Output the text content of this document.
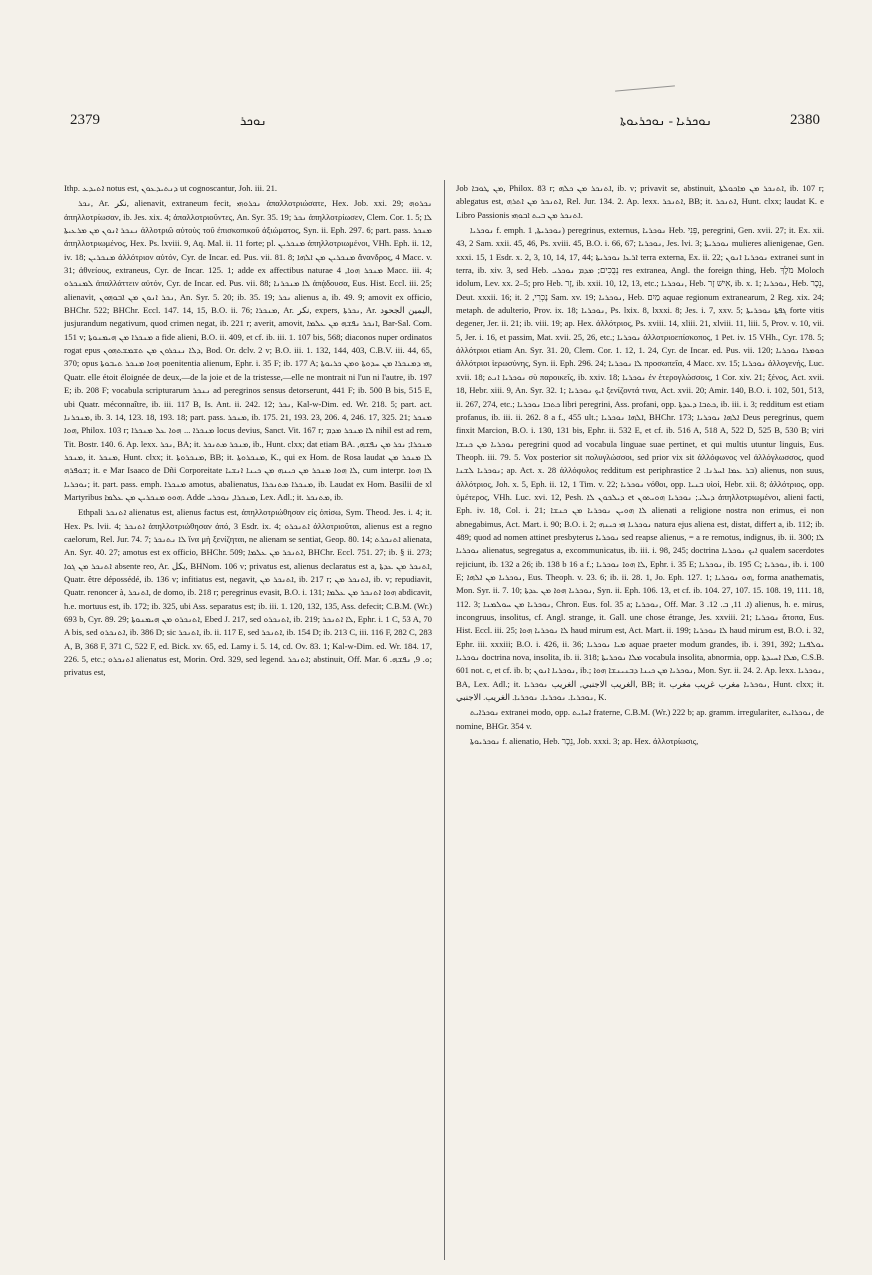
2379	ܢܘܟܪ	ܢܘܟܪܝܐ - ܢܘܟܪܝܘܬܐ	2380

Ithp. ܐܬܝܕܥ notus est, ܕܢܬܝܕܥܘܢ ut cognoscantur, Joh. iii. 21.

ܢܟܪ, Ar. نكر, alienavit, extraneum fecit, ܢܟܪܘܗܝ ἀπαλλοτριώσατε, Hex. Job. xxi. 29; ܢܟܪܘܗ ἀπηλλοτρίωσαν, ib. Jes. xix. 4; ἀπαλλοτριοῦντες, An. Syr. 35. 19; ܢܟܪ ἀπηλλοτρίωσεν, Clem. Cor. 1. 5; ܠܐ ܢܢܟܪ ܐܢܘܢ ܡܢ ܡܪܥܝܬܐ ἀλλοτριῶ αὐτοὺς τοῦ ἐπισκοπικοῦ ἀξιώματος, Syn. ii. Eph. 297. 6; part. pass. ܡܢܟܪ ἀπηλλοτριωμένος, Hex. Ps. lxviii. 9, Aq. Mal. ii. 11 forte; pl. ܡܢܟܪܝܢ ἀπηλλοτριωμένοι, VHh. Eph. ii. 12, iv. 18; ܡܢܟܪܝܢ ἀλλότριον αὐτόν, Cyr. de Incar. ed. Pus. vii. 81. 8; ܡܢܟܪܝܢ ܡܢ ܐܠܗܐ ἄνανδρος, 4 Macc. v. 31; ἀθνείους, extraneus, Cyr. de Incar. 125. 1; adde ex affectibus naturae ܡܢܟܪ ܗܘܐ, 4 Macc. iii. 4; ܠܡܢܟܪܘ ἀπαλλάττειν αὐτόν, Cyr. de Incar. ed. Pus. vii. 88; ܠܐ ܡܢܟܪܢܐ ἀπᾴδουσα, Eus. Hist. Eccl. iii. 25; alienavit, ܢܟܪ ܐܢܘܢ ܡܢ ܐܒܘܗܘܢ, An. Syr. 5. 20; ib. 35. 19; ܢܟܪ alienus a, ib. 49. 9; amovit ex officio, BHChr. 522; BHChr. Eccl. 147. 14, 15, B.O. ii. 76; ܡܢܟܪܐ, Ar. نكر, expers, ܢܟܪܬܐ, Ar. اليمين الجحود, jusjurandum negativum, quod crimen negat, ib. 221 r; averit, amovit, ܐܢܟܪ ܢܦܫܗ ܡܢ ܥܠܡܐ, Bar-Sal. Com. 151 v; ܡܢܟܪܐ ܡܢ ܗܝܡܢܘܬܐ a fide alieni, B.O. ii. 409, et cf. ib. iii. 1. 107 bis, 568; diaconos nuper ordinatos rogat epus ܕܠܐ ܢܢܟܪܘܢ ܡܢ ܬܫܡܫܬܗܘܢ, Bod. Or. dclv. 2 v; B.O. iii. 1. 132, 144, 403, C.B.V. iii. 44, 65, 370; opus ܗܘܐ ܡܢܟܪ ܬܝܒܘܬܐ poenitentia alienum, Ephr. i. 35 F; ib. 177 A; ܗܝ ܕܡܢܟܪܐ ܡܢ ܚܕܘܬܐ ܘܡܢ ܟܪܝܘܬܐ, Quatr. elle étoit éloignée de deux,—de la joie et de la tristesse,—elle ne montrait ni l'un ni l'autre, ib. 197 E; ib. 208 F; vocabula scripturarum ܢܢܟܪ ad peregrinos sensus detorserunt, 441 F; ib. 500 B bis, 515 E, ubi Quatr. méconnaître, ib. iii. 117 B, Is. Ant. ii. 242. 12; ܢܟܪ, Kal-w-Dim. ed. Wr. 218. 5; part. act. ܡܢܟܪܢܐ, ib. 3. 14, 123. 18, 193. 18; part. pass. ܡܢܟܪ, ib. 175. 21, 193. 23, 206. 4, 246. 17, 325. 21; ܡܢܟܪ ܗܘܐ, Philox. 103 r; ܡܢܟܪܐ ... ܗܘܐ ܥܠ ܡܢܟܪܐ locus devius, Sanct. Vit. 167 r; ܠܐ ܡܢܟܪ ܡܕܡ nihil est ad rem, Tit. Bostr. 140. 6. Ap. lexx. ܢܟܪ, BA; it. ܡܢܟܪ ܡܬܢܟܪ, ib., Hunt. clxx; dat etiam BA. ܡܢܟܪܐ; ܢܟܪ ܡܢ ܢܦܫܗ, ܡܢܟܪ, it. ܡܢܟܪ, Hunt. clxx; it. ܡܢܟܪܘܬܐ, BB; it. ܡܢܟܪܘܬܐ, K., qui ex Hom. de Rosa laudat ܠܐ ܡܢܟܪ ܡܢ ܫܘܦܪܗ; it. e Mar Isaaco de Dñi Corporeitate ܠܐ ܗܘܐ ܡܢܟܪ ܡܢ ܟܝܢܗ ܡܢ ܟܝܢܐ ܐܢܫܝܐ, cum interpr. ܠܐ ܗܘܐ ܢܘܟܪܝܐ; it. part. pass. emph. ܡܢܟܪܐ amotus, abalienatus, ܡܢܟܪܐ ܡܬܢܟܪܐ, ib. Laudat ex Hom. Basilii de xl Martyribus ܗܘܘ ܡܢܟܪܝܢ ܡܢ ܥܠܡܐ. Adde ܡܢܟܪܐ, ܢܘܟܪܝ, Lex. Adl.; it. ܡܬܢܟܪ, ib.

Ethpali ܐܬܢܟܪ alienatus est, alienus factus est, ἀπηλλοτριώθησαν εἰς ὀπίσω, Sym. Theod. Jes. i. 4; it. Hex. Ps. lvii. 4; ܐܬܢܟܪ ἀπηλλοτριώθησαν ἀπό, 3 Esdr. ix. 4; ܐܬܢܟܪܘ ἀλλοτριοῦται, alienus est a regno caelorum, Rel. Jur. 74. 7; ܠܐ ܢܬܢܟܪ ἵνα μὴ ξενίζηται, ne alienam se sentiat, Geop. 80. 14; ܐܬܢܟܪܬ alienata, An. Syr. 40. 27; amotus est ex officio, BHChr. 509; ܐܬܢܟܪ ܡܢ ܥܠܡܐ, BHChr. Eccl. 751. 27; ib. § ii. 273; ܐܬܢܟܪ ܡܢ ܓܘܐ absente reo, Ar. بكل, BHNom. 106 v; privatus est, alienus declaratus est a, ܐܬܢܟܪ ܡܢ ܥܕܬܐ, Quatr. être dépossédé, ib. 136 v; infitiatus est, negavit, ܐܬܢܟܪ ܡܢ, ib. 217 r; ܐܬܢܟܪ ܡܢ, ib. v; repudiavit, Quatr. renoncer à, ܐܬܢܟܪ, de domo, ib. 218 r; peregrinus evasit, B.O. i. 131; ܗܘܐ ܐܬܢܟܪ ܡܢ ܥܠܡܐ abdicavit, h.e. mortuus est, ib. 172; ib. 325, ubi Ass. separatus est; ib. iii. 1. 120, 132, 135, Ass. defecit; C.B.M. (Wr.) 693 b, Cyr. 89. 29; ܐܬܢܟܪܘ ܡܢ ܗܝܡܢܘܬܐ, Ebed J. 217, sed ܐܬܢܟܪܘ, ib. 219; ܠܐ ܐܬܢܟܪ, Ephr. i. 1 C, 53 A, 70 A bis, sed ܐܬܢܟܪܘ, ib. 386 D; sic ܐܬܢܟܪ, ib. ii. 117 E, sed ܐܬܢܟܪ, ib. 154 D; ib. 213 C, iii. 116 F, 282 C, 283 A, B, 368 F, 371 C, 522 F, ed. Bick. xv. 65, ed. Lamy i. 5. 14, cd. Ov. 83. 1; Kal-w-Dim. ed. Wr. 184. 17, 226. 5, etc.; ܐܬܢܟܪܘ alienatus est, Morin. Ord. 329, sed legend. ܐܬܢܟܪ; abstinuit, Off. Mar. ܘ. 9, ܢܦܫܗ. 6; privatus est,

Job ܡܢ ܛܘܒܐ, Philox. 83 r; ܐܬܢܟܪ ܡܢ ܟܠܗ, ib. v; privavit se, abstinuit, ܐܬܢܟܪ ܡܢ ܡܐܟܘܠܬܐ, ib. 107 r; ablegatus est, ܐܬܢܟܪ ܡܢ ܐܬܪܗ, Rel. Jur. 134. 2. Ap. lexx. ܐܬܢܟܪ, BB; it. ܐܬܢܟܪ, Hunt. clxx; laudat K. e Libro Passionis ܐܬܢܟܪ ܡܢ ܒܝܬ ܐܒܘܗܝ.

ܢܘܟܪܝܐ f. emph. ܢܘܟܪܝܬܐ, 1) peregrinus, externus, ܢܘܟܪܝܐ Heb. פְּנִי, peregrini, Gen. xvii. 27; it. Ex. xii. 43, 2 Sam. xxii. 45, 46, Ps. xviii. 45, B.O. i. 66, 67; ܢܘܟܪܝܐ, Jes. lvi. 3; ܢܘܟܪܝܬܐ mulieres alienigenae, Gen. xxxi. 15, 1 Esdr. x. 2, 3, 10, 14, 17, 44; ܐܪܥܐ ܢܘܟܪܝܬܐ terra externa, Ex. ii. 22; ܢܘܟܪܝܐ ܐܢܘܢ extranei sunt in terra, ib. xiv. 3, sed Heb. נְבֻכִים; ܡܕܡ ܢܘܟܪܝ res extranea, Angl. the foreign thing, Heb. מֹלֶךְ Moloch idolum, Lev. xx. 2–5; pro Heb. זָר, ib. xxii. 10, 12, 13, etc.; ܢܘܟܪܝܐ, Heb. אִישׁ זָר, ib. x. 1; ܢܘܟܪܝܐ, Heb. נֵכָר, Deut. xxxii. 16; it. נָכְרִי, 2 Sam. xv. 19; ܢܘܟܪܝܐ, Heb. מַיִם aquae regionum extranearum, 2 Reg. xix. 24; metaph. de adulterio, Prov. ix. 18; ܢܘܟܪܝܐ, Ps. lxix. 8, lxxxi. 8; Jes. i. 7, xxv. 5; ܓܦܬܐ ܢܘܟܪܝܬܐ forte vitis degener, Jer. ii. 21; ib. viii. 19; ap. Hex. ἀλλότριος, Ps. xviii. 14, xliii. 21, xlviii. 11, liii. 5, Prov. v. 10, vii. 5, Jer. i. 16, et passim, Mat. xvii. 25, 26, etc.; ܢܘܟܪܝܐ ἀλλοτριοεπίσκοπος, 1 Pet. iv. 15 VHh., Cyr. 178. 5; ἀλλότριοι etiam An. Syr. 31. 20, Clem. Cor. 1. 12, 1. 24, Cyr. de Incar. ed. Pus. vii. 120; ܟܘܡܪܐ ܢܘܟܪܝܐ ἀλλότριοι ἱερωσύνης, Syn. ii. Eph. 296. 24; ܠܐ ܢܘܟܪܝܐ προσωπεῖα, 4 Macc. xv. 15; ܢܘܟܪܝܐ ἀλλογενής, Luc. xvii. 18; ܢܘܟܪܝܐ ܐܢܬ σὺ παροικεῖς, ib. xxiv. 18; ܢܘܟܪܝܐ ἐν ἑτερογλώσσοις, 1 Cor. xiv. 21; ξένος, Act. xvii. 18, Hebr. xiii. 9, An. Syr. 32. 1; ܐܝܟ ܢܘܟܪܝܐ ξενίζοντά τινα, Act. xvii. 20; Amir. 140, B.O. i. 102, 501, 513, ii. 267, 274, etc.; ܟܬܒܐ ܢܘܟܪܝܐ libri peregrini, Ass. profani, opp. ܟܬܒܐ ܕܥܕܬܐ, ib. iii. i. 3; redditum est etiam profanus, ib. iii. ii. 262. 8 a f., 455 ult.; ܐܠܗܐ ܢܘܟܪܝܐ, BHChr. 173; ܐܠܗܐ ܢܘܟܪܝܐ Deus peregrinus, quem finxit Marcion, B.O. i. 130, 131 bis, Ephr. ii. 532 E, et cf. ib. 516 A, 518 A, 522 D, 525 B, 530 B; viri ܢܘܟܪܝܐ ܡܢ ܟܢܫܐ peregrini quod ad vocabula linguae suae pertinet, et qui multis utuntur linguis, Eus. Theoph. iii. 79. 5. Vox posterior sit πολυγλώσσοι, sed prior vix sit ἀλλόφωνος vel ἀλλόγλωσσος, quod ܢܘܟܪܝܐ ܠܫܢܐ; ap. Act. x. 28 ἀλλόφυλος redditum est periphrastice ܒܪ ܥܡܐ ܐܚܪܢܐ. 2) alienus, non suus, ἀλλότριος, Joh. x. 5, Eph. ii. 12, 1 Tim. v. 22; ܢܘܟܪܝܐ νόθοι, opp. ܒܢܝܐ υἱοί, Hebr. xii. 8; ἀλλότριος, opp. ὑμέτερος, VHh. Luc. xvi. 12, Pesh. ܕܝܠܟܘܢ ܠܐ et ܕܝܠܝ; ܢܘܟܪܝܐ ܗܘܝܬܘܢ ἀπηλλοτριωμένοι, alieni facti, Eph. iv. 18, Col. i. 21; ܠܐ ܗܘܝܢ ܢܘܟܪܝܐ ܡܢ ܟܢܫܐ alienati a religione nostra non erimus, ei non abnegabimus, Act. Mart. i. 90; B.O. i. 2; ܢܘܟܪܝܐ ܗܝ ܟܝܢܗ natura ejus aliena est, distat, differt a, ib. 112; ib. 489; quod ad nomen attinet presbyterus ܢܘܟܪܝܐ sed reapse alienus, = a re remotus, indignus, ib. ii. 300; ܠܐ ܢܘܟܪܝܐ alienatus, segregatus a, excommunicatus, ib. iii. i. 98, 245; doctrina ܐܝܟ ܢܘܟܪܝܐ qualem sacerdotes rejiciunt, ib. 132 a 26; ib. 138 b 16 a f.; ܠܐ ܗܘܐ ܢܘܟܪܝܐ, Ephr. i. 35 E; ܢܘܟܪܝܐ, ib. 195 C; ܢܘܟܪܝܐ, ib. i. 100 E; ܢܘܟܪܝܐ ܡܢ ܐܠܗܐ, Eus. Theoph. v. 23. 6; ib. ii. 28. 1, Jo. Eph. 127. 1; ܗܘ ܢܘܟܪܝܐ, forma anathematis, Mon. Syr. ii. 7. 10; ܢܘܟܪܝܐ ܗܘܐ ܡܢ ܥܕܬܐ, Syn. ii. Eph. 106. 13, et cf. ib. 104. 27, 107. 15. 108. 19, 111. 18, 112. 3; ܢܘܟܪܝܐ ܡܢ ܚܘܠܡܢܐ, Chron. Eus. fol. 35 a; ܢܘܟܪܝܐ, Off. Mar. ܐ. 11, ܒ. 12. 3) alienus, h. e. mirus, incongruus, insolitus, cf. Angl. strange, it. Gall. une chose étrange, Jes. xxviii. 21; ܢܘܟܪܝܐ ἄτοπα, Eus. Hist. Eccl. iii. 25; ܠܐ ܢܘܟܪܝܐ ܗܘܐ haud mirum est, Act. Mart. ii. 199; ܠܐ ܢܘܟܪܝܐ haud mirum est, B.O. i. 32, Ephr. iii. xxxiii; B.O. i. 426, ii. 36; ܡܝܐ ܢܘܟܪܝܐ aquae praeter modum grandes, ib. i. 391, 392; ܝܘܠܦܢܐ ܢܘܟܪܝܐ doctrina nova, insolita, ib. ii. 318; ܡܠܐ ܢܘܟܪܝܬܐ vocabula insolita, abnormia, opp. ܡܠܐ ܐܚܝܕܬܐ, C.S.B. 601 not. c, et cf. ib. b; ܢܘܟܪܝܐ ܐܢܘܢ, ib.; ܢܘܟܪܝܐ ܡܢ ܟܝܢܐ ܕܒܢܝܢܫܐ ܗܘܐ, Mon. Syr. ii. 24. 2. Ap. lexx. ܢܘܟܪܝܐ, BA, Lex. Adl.; it. الغريب الاجنبي, الغريب ܢܘܟܪܝܐ, BB; it. ܢܘܟܪܝܐ مغرب غريب مغرب, Hunt. clxx; it. ܢܘܟܪܝܐ. ܢܘܟܪܝܐ. ܢܘܟܪܝܐ. الغريب. الاجنبي, K.

ܢܘܟܪܐܝܬ extranei modo, opp. ܐܚܐܝܬ fraterne, C.B.M. (Wr.) 222 b; ap. gramm. irregulariter, ܢܘܟܪܐܝܬ, de nomine, BHGr. 354 v.

ܢܘܟܪܝܘܬܐ f. alienatio, Heb. נֵכָר, Job. xxxi. 3; ap. Hex. ἀλλοτρίωσις,
